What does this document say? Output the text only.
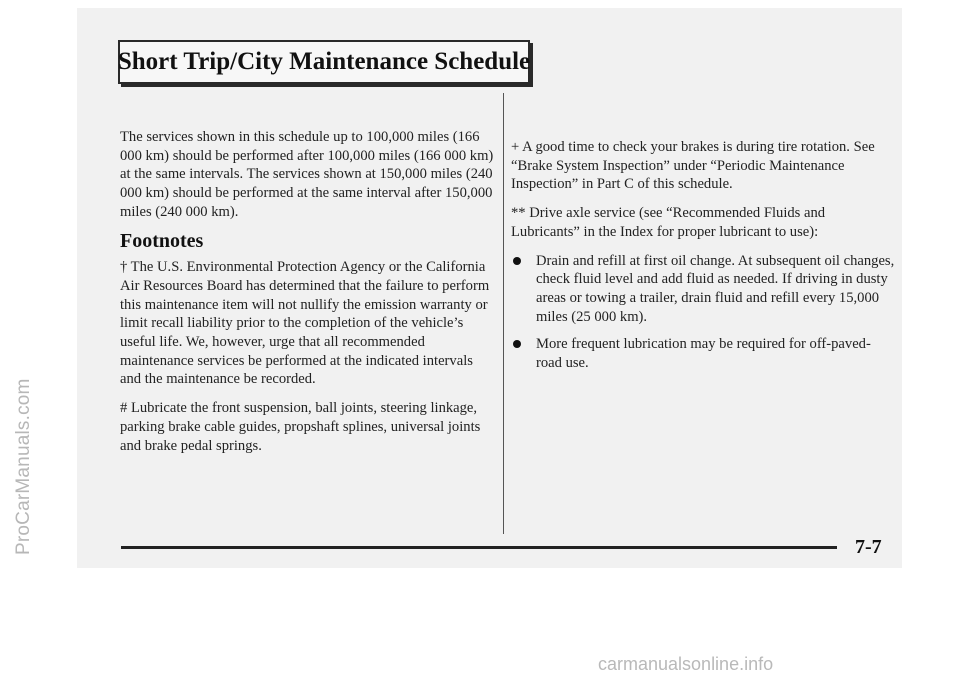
Short Trip/City Maintenance Schedule

The services shown in this schedule up to 100,000 miles (166 000 km) should be performed after 100,000 miles (166 000 km) at the same intervals. The services shown at 150,000 miles (240 000 km) should be performed at the same interval after 150,000 miles (240 000 km).

Footnotes

† The U.S. Environmental Protection Agency or the California Air Resources Board has determined that the failure to perform this maintenance item will not nullify the emission warranty or limit recall liability prior to the completion of the vehicle’s useful life. We, however, urge that all recommended maintenance services be performed at the indicated intervals and the maintenance be recorded.

# Lubricate the front suspension, ball joints, steering linkage, parking brake cable guides, propshaft splines, universal joints and brake pedal springs.

+ A good time to check your brakes is during tire rotation. See “Brake System Inspection” under “Periodic Maintenance Inspection” in Part C of this schedule.

** Drive axle service (see “Recommended Fluids and Lubricants” in the Index for proper lubricant to use):

Drain and refill at first oil change. At subsequent oil changes, check fluid level and add fluid as needed. If driving in dusty areas or towing a trailer, drain fluid and refill every 15,000 miles (25 000 km).
More frequent lubrication may be required for off-paved-road use.
7-7
ProCarManuals.com
carmanualsonline.info
